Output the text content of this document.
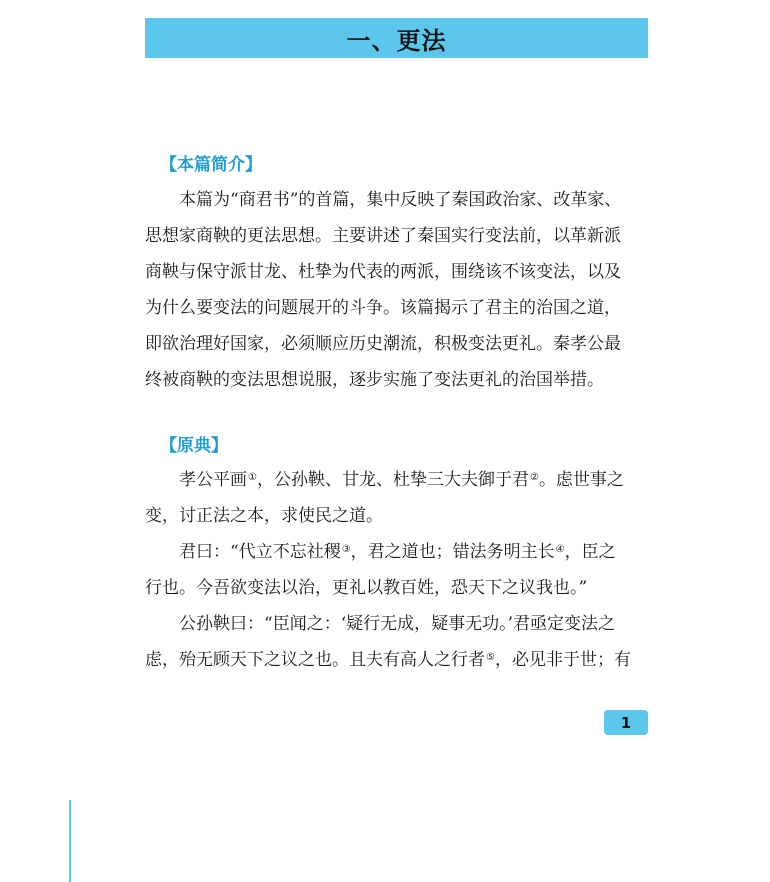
一、更法
【本篇简介】
本篇为“商君书”的首篇，集中反映了秦国政治家、改革家、
思想家商鞅的更法思想。主要讲述了秦国实行变法前，以革新派
商鞅与保守派甘龙、杜挚为代表的两派，围绕该不该变法，以及
为什么要变法的问题展开的斗争。该篇揭示了君主的治国之道，
即欲治理好国家，必须顺应历史潮流，积极变法更礼。秦孝公最
终被商鞅的变法思想说服，逐步实施了变法更礼的治国举措。
【原典】
孝公平画①，公孙鞅、甘龙、杜挚三大夫御于君②。虑世事之
变，讨正法之本，求使民之道。
君曰：“代立不忘社稷③，君之道也；错法务明主长④，臣之
行也。今吾欲变法以治，更礼以教百姓，恐天下之议我也。”
公孙鞅曰：“臣闻之：‘疑行无成，疑事无功。’君亟定变法之
虑，殆无顾天下之议之也。且夫有高人之行者⑤，必见非于世；有
1
